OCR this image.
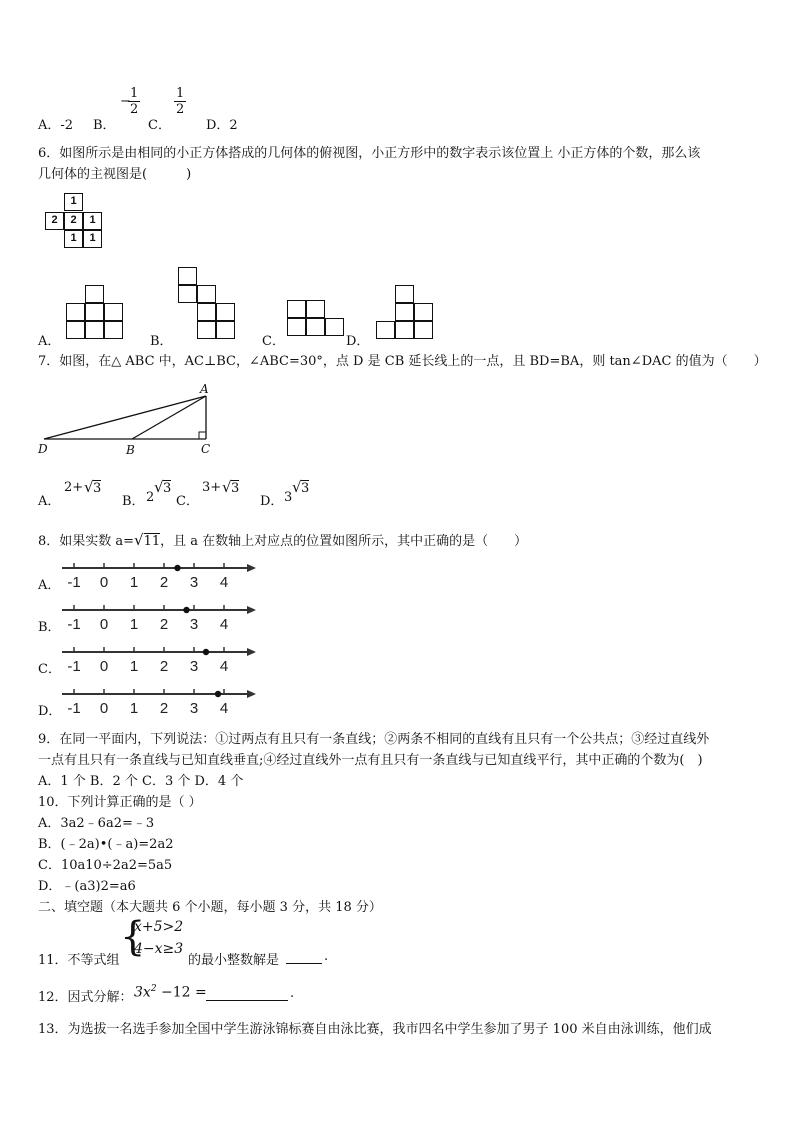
A．-2 B．
−
$\frac{1}{2}$
C．
$\frac{1}{2}$
D．2
6．如图所示是由相同的小正方体搭成的几何体的俯视图，小正方形中的数字表示该位置上 小正方体的个数，那么该
几何体的主视图是(　　　)
1
2	2	1
1	1
A．	B．	C．	D．
7．如图，在△ ABC 中，AC⊥BC，∠ABC=30°，点 D 是 CB 延长线上的一点，且 BD=BA，则 tan∠DAC 的值为（　　）
A
D	B	C
A．
2+ √ 3
B． 2
√ 3
C．
3+ √ 3
D． 3
√ 3
8．如果实数 a=√11，且 a 在数轴上对应点的位置如图所示，其中正确的是（　　）
A． -1 0 1 2 3 4
B． -1 0 1 2 3 4
C． -1 0 1 2 3 4
D． -1 0 1 2 3 4
9．在同一平面内，下列说法：①过两点有且只有一条直线；②两条不相同的直线有且只有一个公共点；③经过直线外
一点有且只有一条直线与已知直线垂直;④经过直线外一点有且只有一条直线与已知直线平行，其中正确的个数为(　)
A．1 个 B．2 个 C．3 个 D．4 个
10．下列计算正确的是（ ）
A．3a2﹣6a2=﹣3
B．(﹣2a)•(﹣a)=2a2
C．10a10÷2a2=5a5
D．﹣(a3)2=a6
二、填空题（本大题共 6 个小题，每小题 3 分，共 18 分）
11．不等式组
{
x+5>2
4−x≥3
的最小整数解是	.
12．因式分解： $3x^2 -12$ =	.
13．为选拔一名选手参加全国中学生游泳锦标赛自由泳比赛，我市四名中学生参加了男子 100 米自由泳训练，他们成
